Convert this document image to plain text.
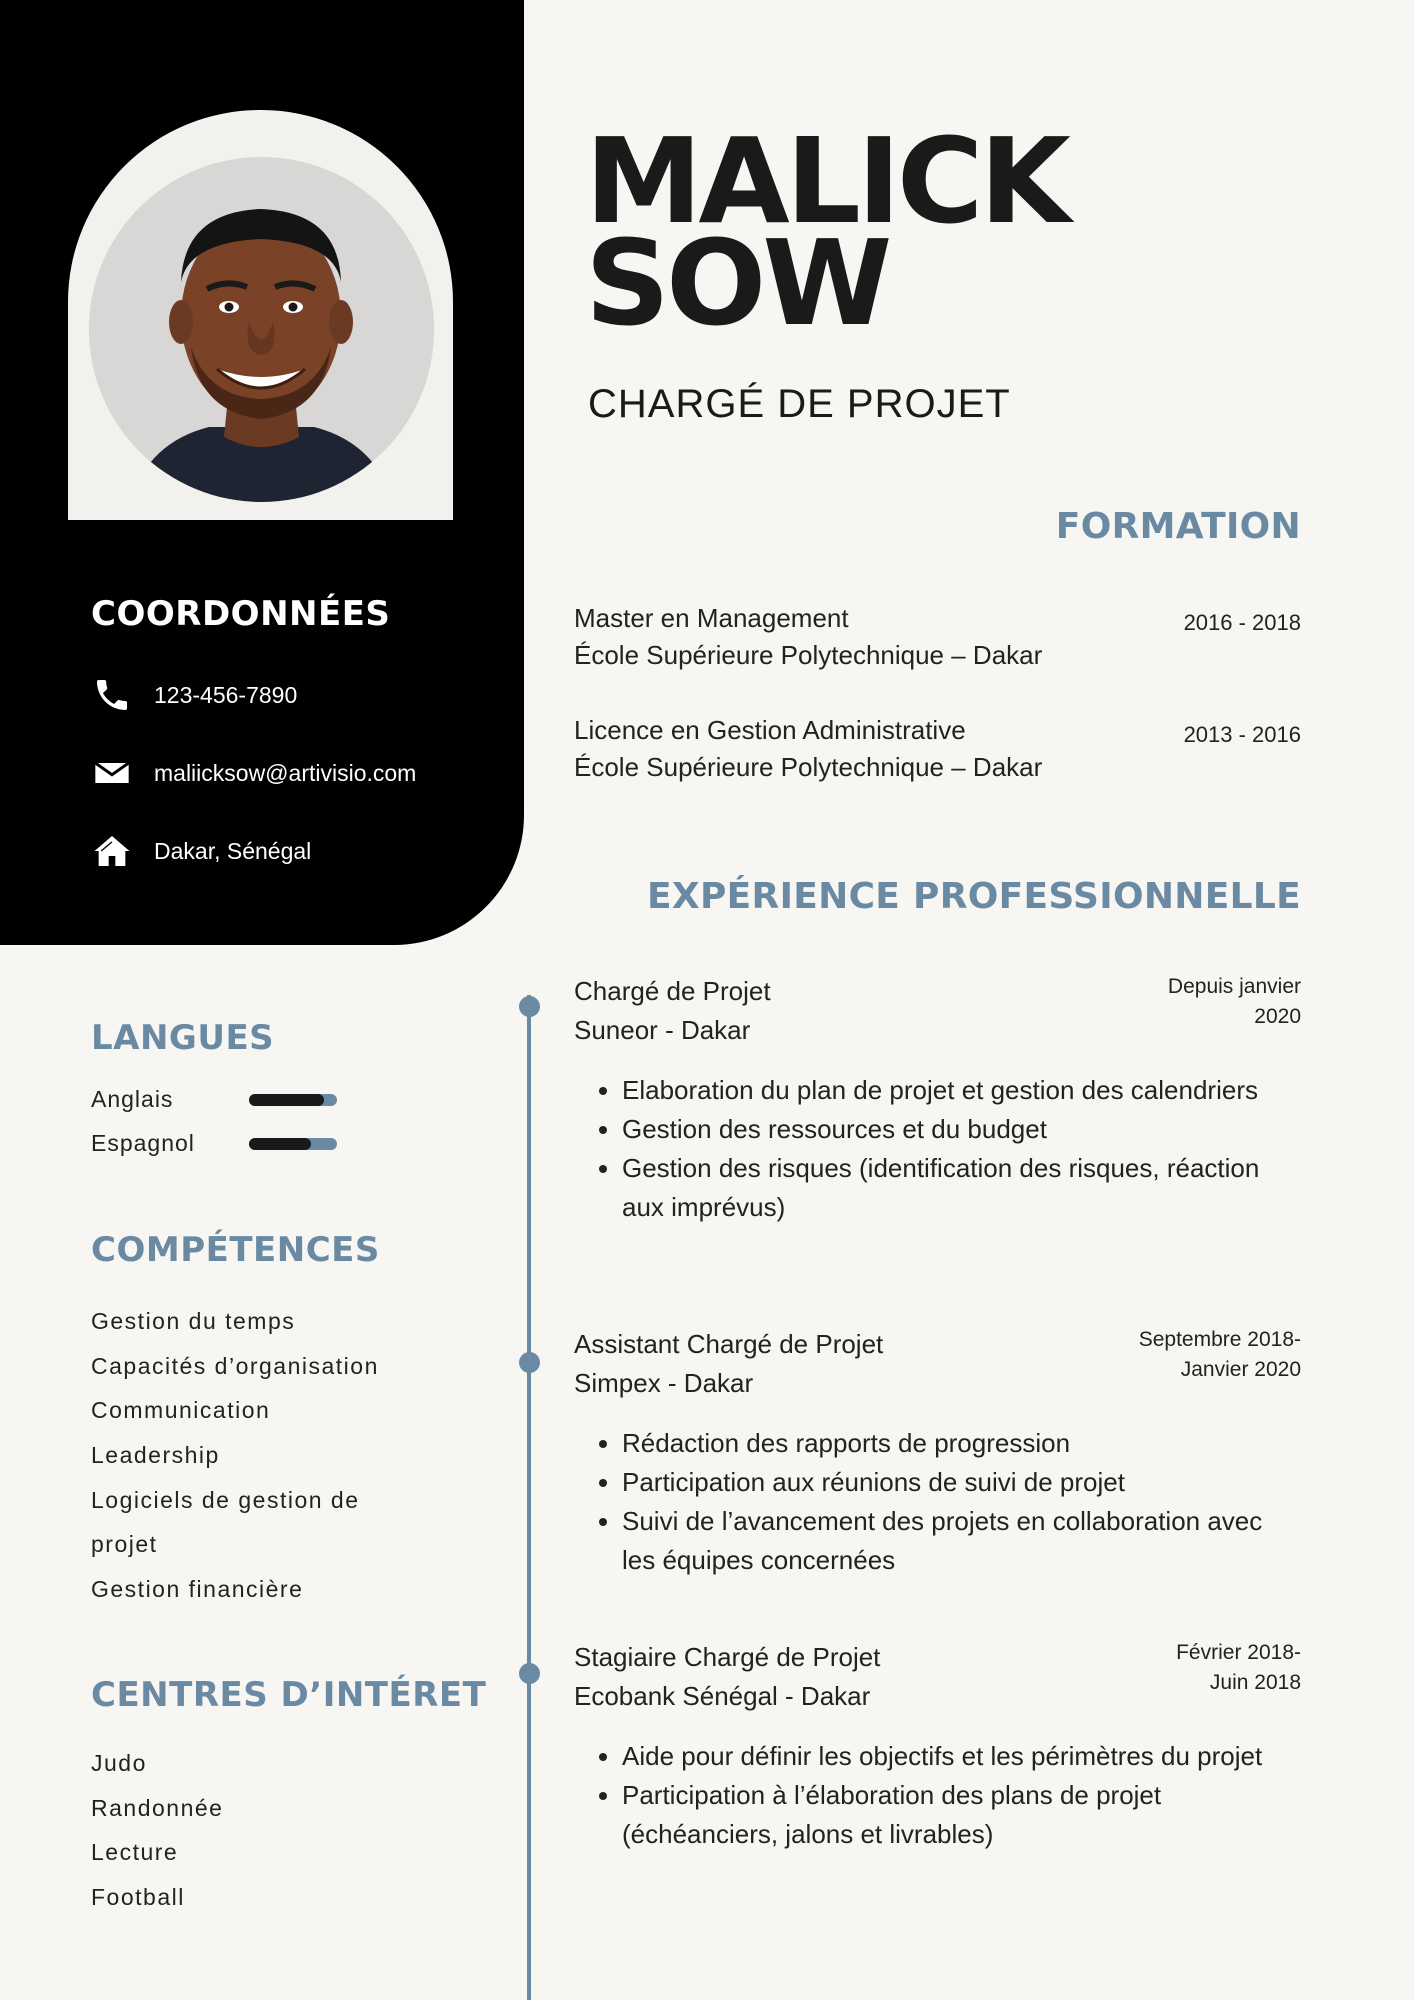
COORDONNÉES
123-456-7890
maliicksow@artivisio.com
Dakar, Sénégal
LANGUES
Anglais
Espagnol
COMPÉTENCES
Gestion du temps
Capacités d’organisation
Communication
Leadership
Logiciels de gestion de
projet
Gestion financière
CENTRES D’INTÉRET
Judo
Randonnée
Lecture
Football
MALICK
SOW
CHARGÉ DE PROJET
FORMATION
Master en Management
École Supérieure Polytechnique – Dakar
2016 - 2018
Licence en Gestion Administrative
École Supérieure Polytechnique – Dakar
2013 - 2016
EXPÉRIENCE PROFESSIONNELLE
Chargé de Projet
Suneor - Dakar
Depuis janvier
2020
• Elaboration du plan de projet et gestion des calendriers
• Gestion des ressources et du budget
• Gestion des risques (identification des risques, réaction aux imprévus)
Assistant Chargé de Projet
Simpex - Dakar
Septembre 2018-
Janvier 2020
• Rédaction des rapports de progression
• Participation aux réunions de suivi de projet
• Suivi de l’avancement des projets en collaboration avec les équipes concernées
Stagiaire Chargé de Projet
Ecobank Sénégal - Dakar
Février 2018-
Juin 2018
• Aide pour définir les objectifs et les périmètres du projet
• Participation à l’élaboration des plans de projet (échéanciers, jalons et livrables)
